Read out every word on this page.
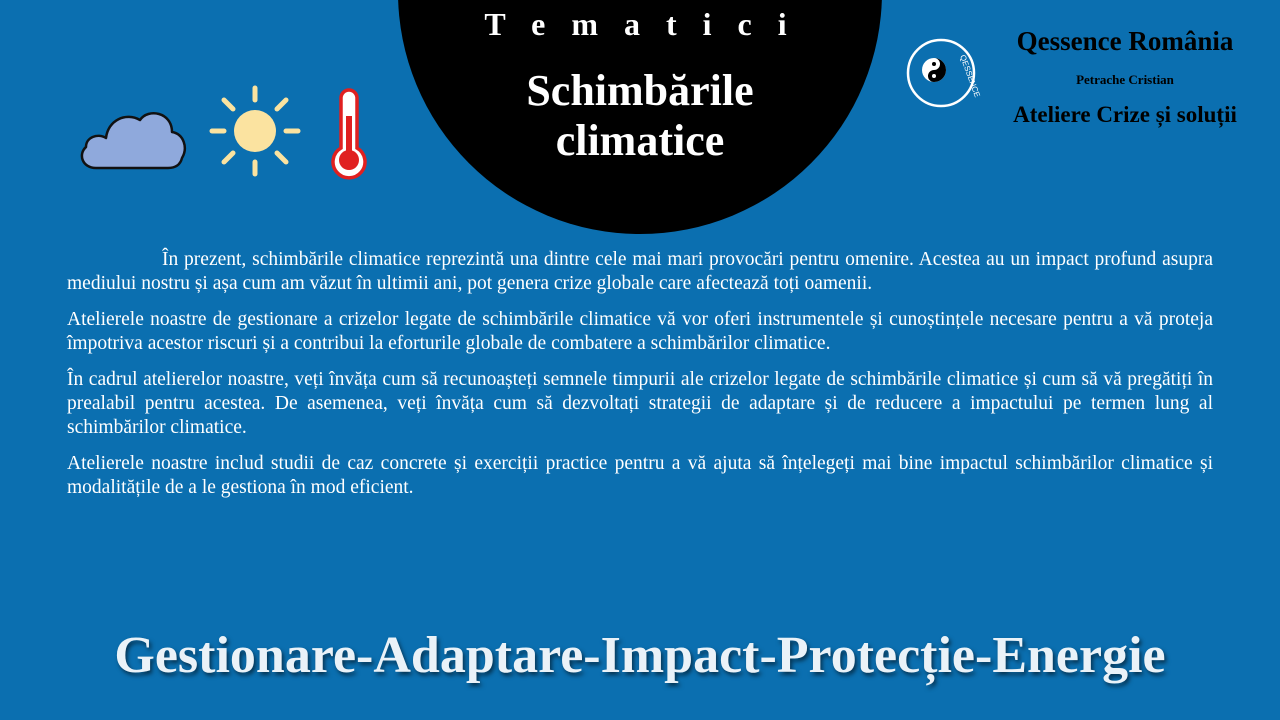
T e m a t i c i
Schimbările
climatice
QESSENCE
Qessence România
Petrache Cristian
Ateliere Crize și soluții

În prezent, schimbările climatice reprezintă una dintre cele mai mari provocări pentru omenire. Acestea au un impact profund asupra mediului nostru și așa cum am văzut în ultimii ani, pot genera crize globale care afectează toți oamenii.

Atelierele noastre de gestionare a crizelor legate de schimbările climatice vă vor oferi instrumentele și cunoștințele necesare pentru a vă proteja împotriva acestor riscuri și a contribui la eforturile globale de combatere a schimbărilor climatice.

În cadrul atelierelor noastre, veți învăța cum să recunoașteți semnele timpurii ale crizelor legate de schimbările climatice și cum să vă pregătiți în prealabil pentru acestea. De asemenea, veți învăța cum să dezvoltați strategii de adaptare și de reducere a impactului pe termen lung al schimbărilor climatice.

Atelierele noastre includ studii de caz concrete și exerciții practice pentru a vă ajuta să înțelegeți mai bine impactul schimbărilor climatice și modalitățile de a le gestiona în mod eficient.

Gestionare-Adaptare-Impact-Protecție-Energie
